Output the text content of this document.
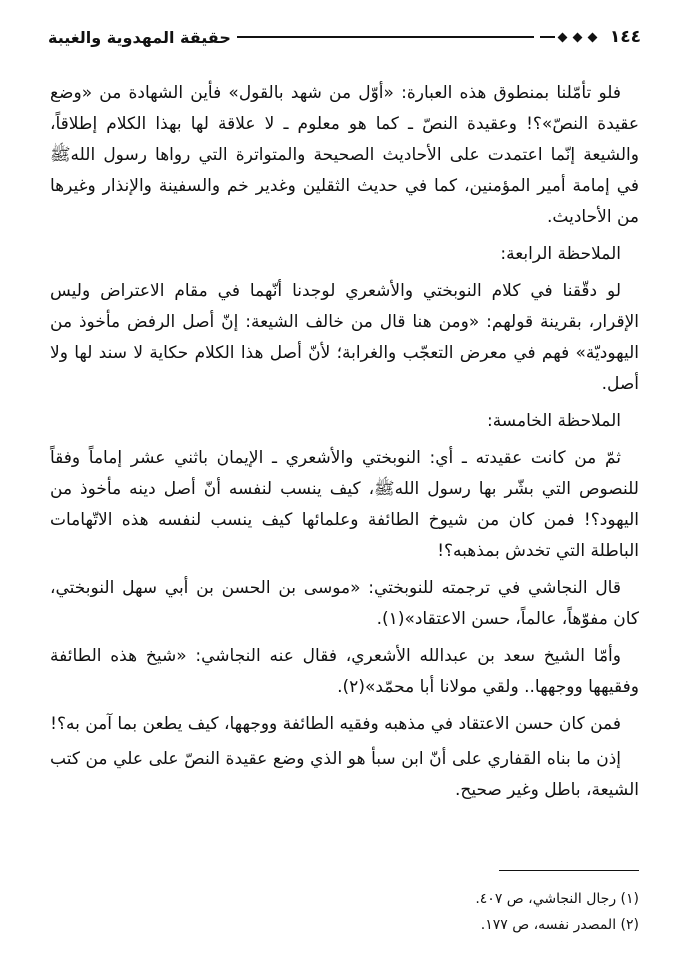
١٤٤
حقيقة المهدوية والغيبة

فلو تأمّلنا بمنطوق هذه العبارة: «أوّل من شهد بالقول» فأين الشهادة من «وضع عقيدة النصّ»؟! وعقيدة النصّ ـ كما هو معلوم ـ لا علاقة لها بهذا الكلام إطلاقاً، والشيعة إنّما اعتمدت على الأحاديث الصحيحة والمتواترة التي رواها رسول اللهﷺ في إمامة أمير المؤمنين، كما في حديث الثقلين وغدير خم والسفينة والإنذار وغيرها من الأحاديث.

الملاحظة الرابعة:

لو دقّقنا في كلام النوبختي والأشعري لوجدنا أنّهما في مقام الاعتراض وليس الإقرار، بقرينة قولهم: «ومن هنا قال من خالف الشيعة: إنّ أصل الرفض مأخوذ من اليهوديّة» فهم في معرض التعجّب والغرابة؛ لأنّ أصل هذا الكلام حكاية لا سند لها ولا أصل.

الملاحظة الخامسة:

ثمّ من كانت عقيدته ـ أي: النوبختي والأشعري ـ الإيمان باثني عشر إماماً وفقاً للنصوص التي بشّر بها رسول اللهﷺ، كيف ينسب لنفسه أنّ أصل دينه مأخوذ من اليهود؟! فمن كان من شيوخ الطائفة وعلمائها كيف ينسب لنفسه هذه الاتّهامات الباطلة التي تخدش بمذهبه؟!

قال النجاشي في ترجمته للنوبختي: «موسى بن الحسن بن أبي سهل النوبختي، كان مفوّهاً، عالماً، حسن الاعتقاد»(١).

وأمّا الشيخ سعد بن عبدالله الأشعري، فقال عنه النجاشي: «شيخ هذه الطائفة وفقيهها ووجهها.. ولقي مولانا أبا محمّد»(٢).

فمن كان حسن الاعتقاد في مذهبه وفقيه الطائفة ووجهها، كيف يطعن بما آمن به؟!

إذن ما بناه القفاري على أنّ ابن سبأ هو الذي وضع عقيدة النصّ على علي من كتب الشيعة، باطل وغير صحيح.

(١) رجال النجاشي، ص ٤٠٧.
(٢) المصدر نفسه، ص ١٧٧.
